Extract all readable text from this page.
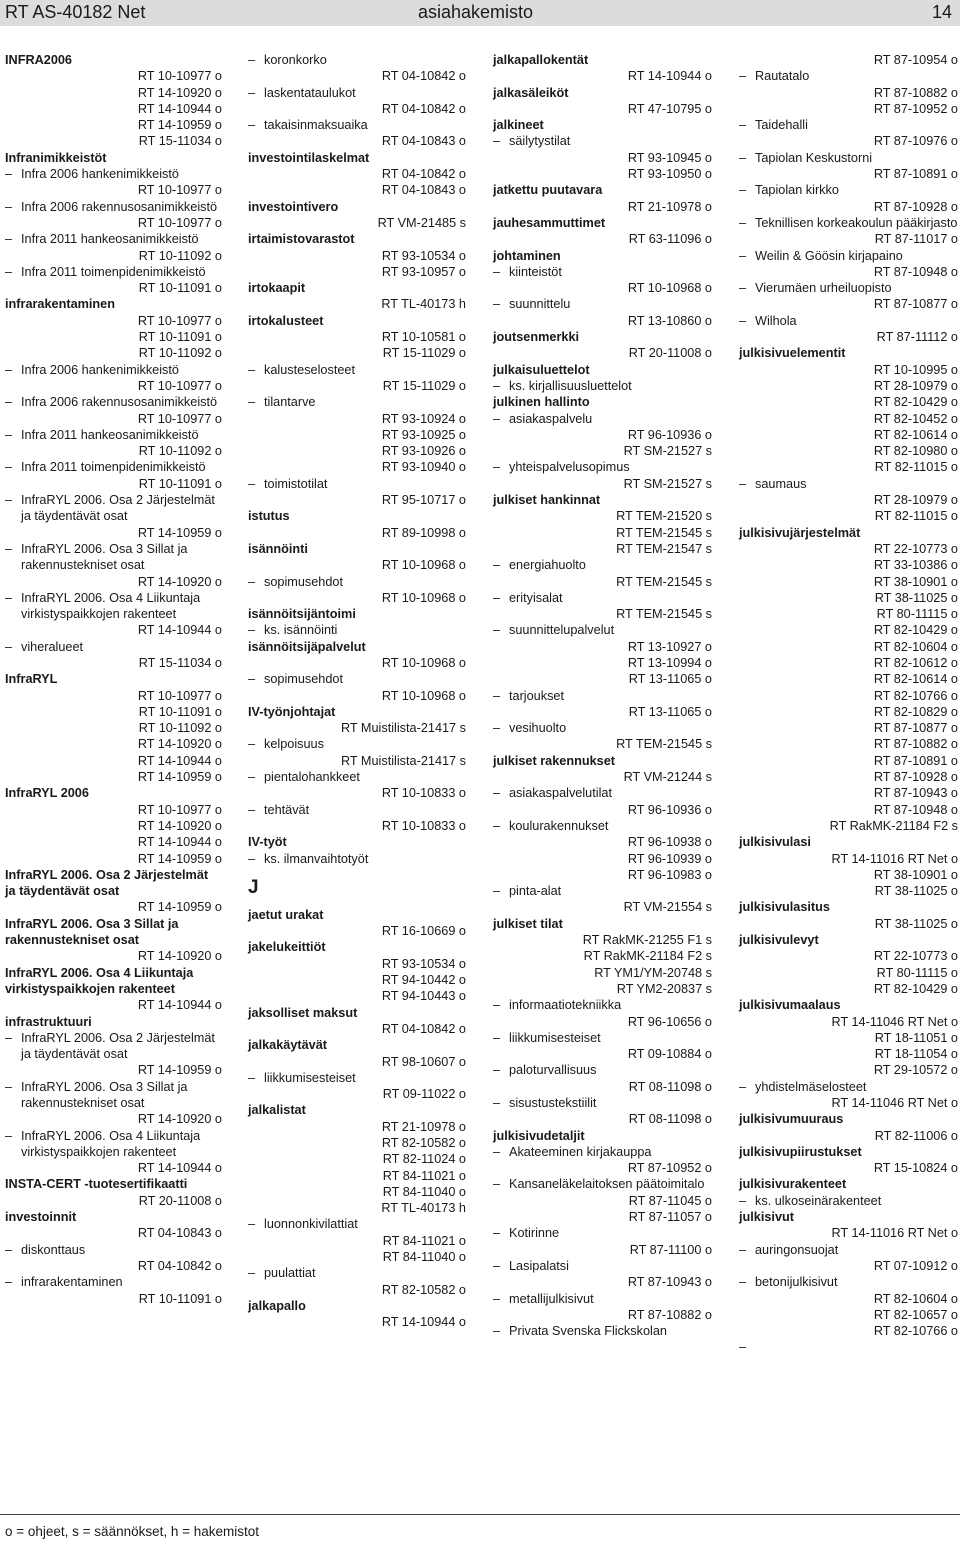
RT AS-40182 Net	asiahakemisto	14
INFRA2006
RT 10-10977 o
RT 14-10920 o
RT 14-10944 o
RT 14-10959 o
RT 15-11034 o
Infranimikkeistöt
– Infra 2006 hankenimikkeistö
RT 10-10977 o
– Infra 2006 rakennusosanimikkeistö
RT 10-10977 o
– Infra 2011 hankeosanimikkeistö
RT 10-11092 o
– Infra 2011 toimenpidenimikkeistö
RT 10-11091 o
infrarakentaminen
RT 10-10977 o
RT 10-11091 o
RT 10-11092 o
– Infra 2006 hankenimikkeistö
RT 10-10977 o
– Infra 2006 rakennusosanimikkeistö
RT 10-10977 o
– Infra 2011 hankeosanimikkeistö
RT 10-11092 o
– Infra 2011 toimenpidenimikkeistö
RT 10-11091 o
– InfraRYL 2006. Osa 2 Järjestelmät ja täydentävät osat
RT 14-10959 o
– InfraRYL 2006. Osa 3 Sillat ja rakennustekniset osat
RT 14-10920 o
– InfraRYL 2006. Osa 4 Liikuntaja virkistyspaikkojen rakenteet
RT 14-10944 o
– viheralueet
RT 15-11034 o
InfraRYL
RT 10-10977 o
RT 10-11091 o
RT 10-11092 o
RT 14-10920 o
RT 14-10944 o
RT 14-10959 o
InfraRYL 2006
RT 10-10977 o
RT 14-10920 o
RT 14-10944 o
RT 14-10959 o
InfraRYL 2006. Osa 2 Järjestelmät ja täydentävät osat
RT 14-10959 o
InfraRYL 2006. Osa 3 Sillat ja rakennustekniset osat
RT 14-10920 o
InfraRYL 2006. Osa 4 Liikuntaja virkistyspaikkojen rakenteet
RT 14-10944 o
infrastruktuuri
– InfraRYL 2006. Osa 2 Järjestelmät ja täydentävät osat
RT 14-10959 o
– InfraRYL 2006. Osa 3 Sillat ja rakennustekniset osat
RT 14-10920 o
– InfraRYL 2006. Osa 4 Liikuntaja virkistyspaikkojen rakenteet
RT 14-10944 o
INSTA-CERT -tuotesertifikaatti
RT 20-11008 o
investoinnit
RT 04-10843 o
– diskonttaus
RT 04-10842 o
– infrarakentaminen
RT 10-11091 o
– koronkorko
RT 04-10842 o
– laskentataulukot
RT 04-10842 o
– takaisinmaksuaika
RT 04-10843 o
investointilaskelmat
RT 04-10842 o
RT 04-10843 o
investointivero
RT VM-21485 s
irtaimistovarastot
RT 93-10534 o
RT 93-10957 o
irtokaapit
RT TL-40173 h
irtokalusteet
RT 10-10581 o
RT 15-11029 o
– kalusteselosteet
RT 15-11029 o
– tilantarve
RT 93-10924 o
RT 93-10925 o
RT 93-10926 o
RT 93-10940 o
– toimistotilat
RT 95-10717 o
istutus
RT 89-10998 o
isännöinti
RT 10-10968 o
– sopimusehdot
RT 10-10968 o
isännöitsijäntoimi
– ks. isännöinti
isännöitsijäpalvelut
RT 10-10968 o
– sopimusehdot
RT 10-10968 o
IV-työnjohtajat
RT Muistilista-21417 s
– kelpoisuus
RT Muistilista-21417 s
– pientalohankkeet
RT 10-10833 o
– tehtävät
RT 10-10833 o
IV-työt
– ks. ilmanvaihtotyöt
J
jaetut urakat
RT 16-10669 o
jakelukeittiöt
RT 93-10534 o
RT 94-10442 o
RT 94-10443 o
jaksolliset maksut
RT 04-10842 o
jalkakäytävät
RT 98-10607 o
– liikkumisesteiset
RT 09-11022 o
jalkalistat
RT 21-10978 o
RT 82-10582 o
RT 82-11024 o
RT 84-11021 o
RT 84-11040 o
RT TL-40173 h
– luonnonkivilattiat
RT 84-11021 o
RT 84-11040 o
– puulattiat
RT 82-10582 o
jalkapallo
RT 14-10944 o
jalkapallokentät
RT 14-10944 o
jalkasäleiköt
RT 47-10795 o
jalkineet
– säilytystilat
RT 93-10945 o
RT 93-10950 o
jatkettu puutavara
RT 21-10978 o
jauhesammuttimet
RT 63-11096 o
johtaminen
– kiinteistöt
RT 10-10968 o
– suunnittelu
RT 13-10860 o
joutsenmerkki
RT 20-11008 o
julkaisuluettelot
– ks. kirjallisuusluettelot
julkinen hallinto
– asiakaspalvelu
RT 96-10936 o
RT SM-21527 s
– yhteispalvelusopimus
RT SM-21527 s
julkiset hankinnat
RT TEM-21520 s
RT TEM-21545 s
RT TEM-21547 s
– energiahuolto
RT TEM-21545 s
– erityisalat
RT TEM-21545 s
– suunnittelupalvelut
RT 13-10927 o
RT 13-10994 o
RT 13-11065 o
– tarjoukset
RT 13-11065 o
– vesihuolto
RT TEM-21545 s
julkiset rakennukset
RT VM-21244 s
– asiakaspalvelutilat
RT 96-10936 o
– koulurakennukset
RT 96-10938 o
RT 96-10939 o
RT 96-10983 o
– pinta-alat
RT VM-21554 s
julkiset tilat
RT RakMK-21255 F1 s
RT RakMK-21184 F2 s
RT YM1/YM-20748 s
RT YM2-20837 s
– informaatiotekniikka
RT 96-10656 o
– liikkumisesteiset
RT 09-10884 o
– paloturvallisuus
RT 08-11098 o
– sisustustekstiilit
RT 08-11098 o
julkisivudetaljit
– Akateeminen kirjakauppa
RT 87-10952 o
– Kansaneläkelaitoksen päätoimitalo
RT 87-11045 o
RT 87-11057 o
– Kotirinne
RT 87-11100 o
– Lasipalatsi
RT 87-10943 o
– metallijulkisivut
RT 87-10882 o
– Privata Svenska Flickskolan
RT 87-10954 o
– Rautatalo
RT 87-10882 o
RT 87-10952 o
– Taidehalli
RT 87-10976 o
– Tapiolan Keskustorni
RT 87-10891 o
– Tapiolan kirkko
RT 87-10928 o
– Teknillisen korkeakoulun pääkirjasto
RT 87-11017 o
– Weilin & Göösin kirjapaino
RT 87-10948 o
– Vierumäen urheiluopisto
RT 87-10877 o
– Wilhola
RT 87-11112 o
julkisivuelementit
RT 10-10995 o
RT 28-10979 o
RT 82-10429 o
RT 82-10452 o
RT 82-10614 o
RT 82-10980 o
RT 82-11015 o
– saumaus
RT 28-10979 o
RT 82-11015 o
julkisivujärjestelmät
RT 22-10773 o
RT 33-10386 o
RT 38-10901 o
RT 38-11025 o
RT 80-11115 o
RT 82-10429 o
RT 82-10604 o
RT 82-10612 o
RT 82-10614 o
RT 82-10766 o
RT 82-10829 o
RT 87-10877 o
RT 87-10882 o
RT 87-10891 o
RT 87-10928 o
RT 87-10943 o
RT 87-10948 o
RT RakMK-21184 F2 s
julkisivulasi
RT 14-11016 RT Net o
RT 38-10901 o
RT 38-11025 o
julkisivulasitus
RT 38-11025 o
julkisivulevyt
RT 22-10773 o
RT 80-11115 o
RT 82-10429 o
julkisivumaalaus
RT 14-11046 RT Net o
RT 18-11051 o
RT 18-11054 o
RT 29-10572 o
– yhdistelmäselosteet
RT 14-11046 RT Net o
julkisivumuuraus
RT 82-11006 o
julkisivupiirustukset
RT 15-10824 o
julkisivurakenteet
– ks. ulkoseinärakenteet
julkisivut
RT 14-11016 RT Net o
– auringonsuojat
RT 07-10912 o
– betonijulkisivut
RT 82-10604 o
RT 82-10657 o
RT 82-10766 o
o = ohjeet, s = säännökset, h = hakemistot
